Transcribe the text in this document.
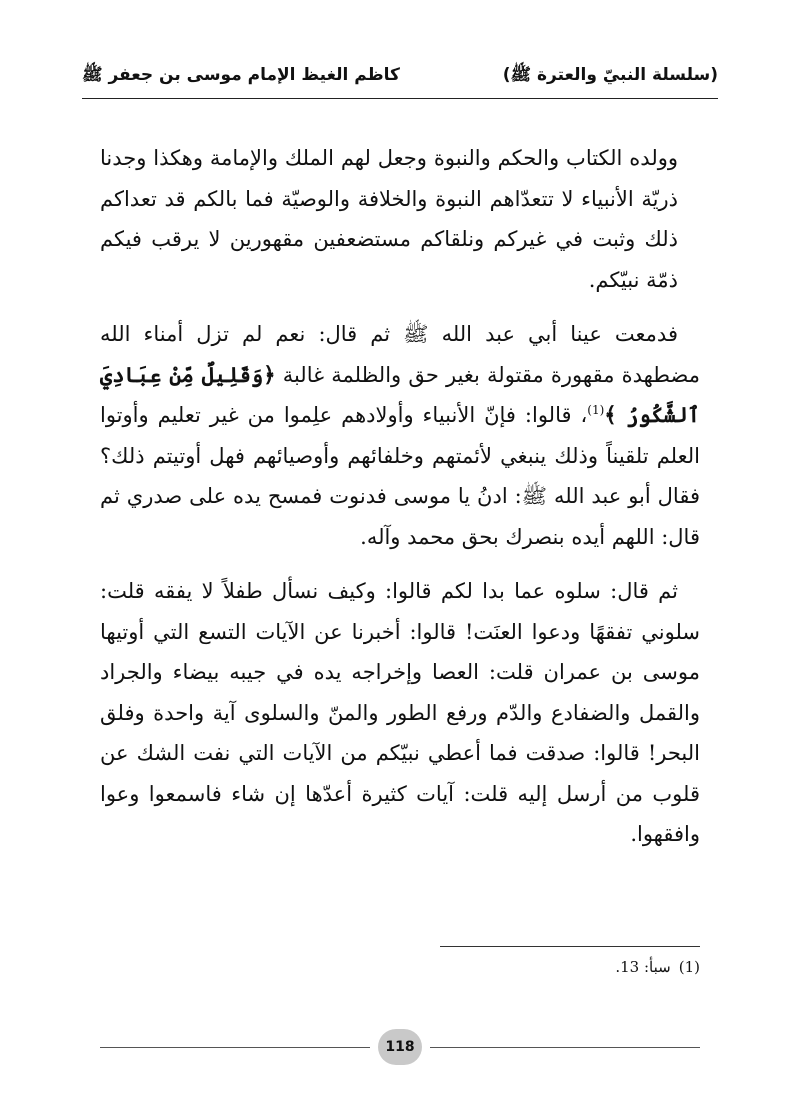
(سلسلة النبيّ والعترة ﷺ)
كاظم الغيظ الإمام موسى بن جعفر ﷺ

وولده الكتاب والحكم والنبوة وجعل لهم الملك والإمامة وهكذا وجدنا ذريّة الأنبياء لا تتعدّاهم النبوة والخلافة والوصيّة فما بالكم قد تعداكم ذلك وثبت في غيركم ونلقاكم مستضعفين مقهورين لا يرقب فيكم ذمّة نبيّكم.

فدمعت عينا أبي عبد الله ﷺ ثم قال: نعم لم تزل أمناء الله مضطهدة مقهورة مقتولة بغير حق والظلمة غالبة ﴿وَقَلِيلٌ مِّنْ عِبَادِيَ ٱلشَّكُورُ ﴾$^{(1)}$، قالوا: فإنّ الأنبياء وأولادهم علِموا من غير تعليم وأوتوا العلم تلقيناً وذلك ينبغي لأئمتهم وخلفائهم وأوصيائهم فهل أوتيتم ذلك؟ فقال أبو عبد الله ﷺ: ادنُ يا موسى فدنوت فمسح يده على صدري ثم قال: اللهم أيده بنصرك بحق محمد وآله.

ثم قال: سلوه عما بدا لكم قالوا: وكيف نسأل طفلاً لا يفقه قلت: سلوني تفقهًا ودعوا العنَت! قالوا: أخبرنا عن الآيات التسع التي أوتيها موسى بن عمران قلت: العصا وإخراجه يده في جيبه بيضاء والجراد والقمل والضفادع والدّم ورفع الطور والمنّ والسلوى آية واحدة وفلق البحر! قالوا: صدقت فما أعطي نبيّكم من الآيات التي نفت الشك عن قلوب من أرسل إليه قلت: آيات كثيرة أعدّها إن شاء فاسمعوا وعوا وافقهوا.

(1)سبأ: 13.
118
